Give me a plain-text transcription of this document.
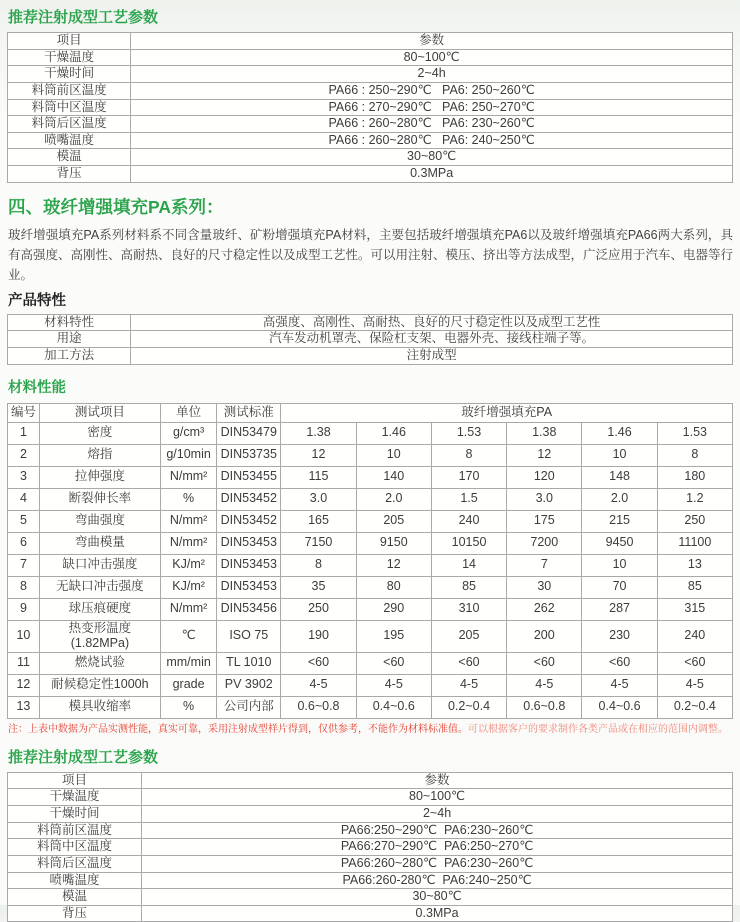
推荐注射成型工艺参数
项目	参数
干燥温度	80~100℃
干燥时间	2~4h
料筒前区温度	PA66 : 250~290℃   PA6: 250~260℃
料筒中区温度	PA66 : 270~290℃   PA6: 250~270℃
料筒后区温度	PA66 : 260~280℃   PA6: 230~260℃
喷嘴温度	PA66 : 260~280℃   PA6: 240~250℃
模温	30~80℃
背压	0.3MPa
四、玻纤增强填充PA系列：

玻纤增强填充PA系列材料系不同含量玻纤、矿粉增强填充PA材料，主要包括玻纤增强填充PA6以及玻纤增强填充PA66两大系列，具有高强度、高刚性、高耐热、良好的尺寸稳定性以及成型工艺性。可以用注射、模压、挤出等方法成型，广泛应用于汽车、电器等行业。

产品特性
材料特性	高强度、高刚性、高耐热、良好的尺寸稳定性以及成型工艺性
用途	汽车发动机罩壳、保险杠支架、电器外壳、接线柱端子等。
加工方法	注射成型
材料性能
编号	测试项目	单位	测试标准	玻纤增强填充PA					
1	密度	g/cm³	DIN53479	1.38	1.46	1.53	1.38	1.46	1.53
2	熔指	g/10min	DIN53735	12	10	8	12	10	8
3	拉伸强度	N/mm²	DIN53455	115	140	170	120	148	180
4	断裂伸长率	%	DIN53452	3.0	2.0	1.5	3.0	2.0	1.2
5	弯曲强度	N/mm²	DIN53452	165	205	240	175	215	250
6	弯曲模量	N/mm²	DIN53453	7150	9150	10150	7200	9450	11100
7	缺口冲击强度	KJ/m²	DIN53453	8	12	14	7	10	13
8	无缺口冲击强度	KJ/m²	DIN53453	35	80	85	30	70	85
9	球压痕硬度	N/mm²	DIN53456	250	290	310	262	287	315
10	热变形温度(1.82MPa)	℃	ISO 75	190	195	205	200	230	240
11	燃烧试验	mm/min	TL 1010	<60	<60	<60	<60	<60	<60
12	耐候稳定性1000h	grade	PV 3902	4-5	4-5	4-5	4-5	4-5	4-5
13	模具收缩率	%	公司内部	0.6~0.8	0.4~0.6	0.2~0.4	0.6~0.8	0.4~0.6	0.2~0.4

注：上表中数据为产品实测性能，真实可靠，采用注射成型样片得到，仅供参考，不能作为材料标准值。可以根据客户的要求制作各类产品或在相应的范围内调整。

推荐注射成型工艺参数
项目	参数
干燥温度	80~100℃
干燥时间	2~4h
料筒前区温度	PA66:250~290℃  PA6:230~260℃
料筒中区温度	PA66:270~290℃  PA6:250~270℃
料筒后区温度	PA66:260~280℃  PA6:230~260℃
喷嘴温度	PA66:260-280℃  PA6:240~250℃
模温	30~80℃
背压	0.3MPa
